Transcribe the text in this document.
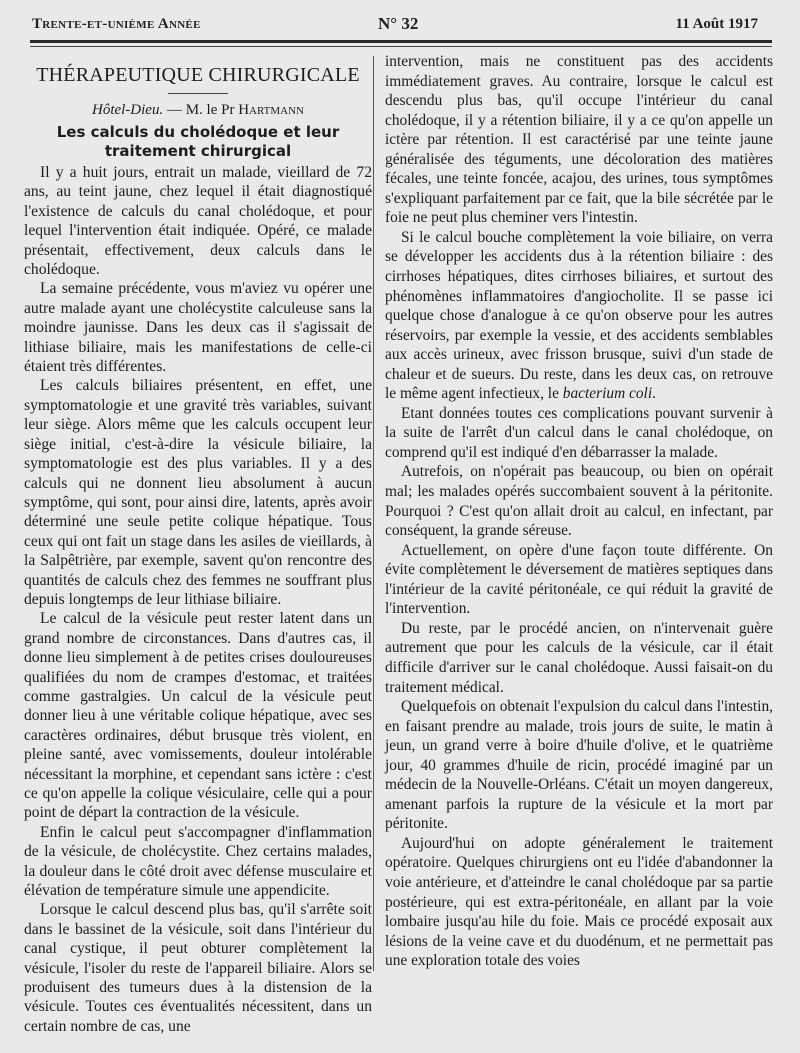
Trente-et-unième Année	N° 32	11 Août 1917
THÉRAPEUTIQUE CHIRURGICALE
Hôtel-Dieu. — M. le Pr Hartmann
Les calculs du cholédoque et leur traitement chirurgical

Il y a huit jours, entrait un malade, vieillard de 72 ans, au teint jaune, chez lequel il était diagnostiqué l'existence de calculs du canal cholédoque, et pour lequel l'intervention était indiquée. Opéré, ce malade présentait, effectivement, deux calculs dans le cholédoque.

La semaine précédente, vous m'aviez vu opérer une autre malade ayant une cholécystite calculeuse sans la moindre jaunisse. Dans les deux cas il s'agissait de lithiase biliaire, mais les manifestations de celle-ci étaient très différentes.

Les calculs biliaires présentent, en effet, une symptomatologie et une gravité très variables, suivant leur siège. Alors même que les calculs occupent leur siège initial, c'est-à-dire la vésicule biliaire, la symptomatologie est des plus variables. Il y a des calculs qui ne donnent lieu absolument à aucun symptôme, qui sont, pour ainsi dire, latents, après avoir déterminé une seule petite colique hépatique. Tous ceux qui ont fait un stage dans les asiles de vieillards, à la Salpêtrière, par exemple, savent qu'on rencontre des quantités de calculs chez des femmes ne souffrant plus depuis longtemps de leur lithiase biliaire.

Le calcul de la vésicule peut rester latent dans un grand nombre de circonstances. Dans d'autres cas, il donne lieu simplement à de petites crises douloureuses qualifiées du nom de crampes d'estomac, et traitées comme gastralgies. Un calcul de la vésicule peut donner lieu à une véritable colique hépatique, avec ses caractères ordinaires, début brusque très violent, en pleine santé, avec vomissements, douleur intolérable nécessitant la morphine, et cependant sans ictère : c'est ce qu'on appelle la colique vésiculaire, celle qui a pour point de départ la contraction de la vésicule.

Enfin le calcul peut s'accompagner d'inflammation de la vésicule, de cholécystite. Chez certains malades, la douleur dans le côté droit avec défense musculaire et élévation de température simule une appendicite.

Lorsque le calcul descend plus bas, qu'il s'arrête soit dans le bassinet de la vésicule, soit dans l'intérieur du canal cystique, il peut obturer complètement la vésicule, l'isoler du reste de l'appareil biliaire. Alors se produisent des tumeurs dues à la distension de la vésicule. Toutes ces éventualités nécessitent, dans un certain nombre de cas, une

intervention, mais ne constituent pas des accidents immédiatement graves. Au contraire, lorsque le calcul est descendu plus bas, qu'il occupe l'intérieur du canal cholédoque, il y a rétention biliaire, il y a ce qu'on appelle un ictère par rétention. Il est caractérisé par une teinte jaune généralisée des téguments, une décoloration des matières fécales, une teinte foncée, acajou, des urines, tous symptômes s'expliquant parfaitement par ce fait, que la bile sécrétée par le foie ne peut plus cheminer vers l'intestin.

Si le calcul bouche complètement la voie biliaire, on verra se développer les accidents dus à la rétention biliaire : des cirrhoses hépatiques, dites cirrhoses biliaires, et surtout des phénomènes inflammatoires d'angiocholite. Il se passe ici quelque chose d'analogue à ce qu'on observe pour les autres réservoirs, par exemple la vessie, et des accidents semblables aux accès urineux, avec frisson brusque, suivi d'un stade de chaleur et de sueurs. Du reste, dans les deux cas, on retrouve le même agent infectieux, le bacterium coli.

Etant données toutes ces complications pouvant survenir à la suite de l'arrêt d'un calcul dans le canal cholédoque, on comprend qu'il est indiqué d'en débarrasser la malade.

Autrefois, on n'opérait pas beaucoup, ou bien on opérait mal; les malades opérés succombaient souvent à la péritonite. Pourquoi ? C'est qu'on allait droit au calcul, en infectant, par conséquent, la grande séreuse.

Actuellement, on opère d'une façon toute différente. On évite complètement le déversement de matières septiques dans l'intérieur de la cavité péritonéale, ce qui réduit la gravité de l'intervention.

Du reste, par le procédé ancien, on n'intervenait guère autrement que pour les calculs de la vésicule, car il était difficile d'arriver sur le canal cholédoque. Aussi faisait-on du traitement médical.

Quelquefois on obtenait l'expulsion du calcul dans l'intestin, en faisant prendre au malade, trois jours de suite, le matin à jeun, un grand verre à boire d'huile d'olive, et le quatrième jour, 40 grammes d'huile de ricin, procédé imaginé par un médecin de la Nouvelle-Orléans. C'était un moyen dangereux, amenant parfois la rupture de la vésicule et la mort par péritonite.

Aujourd'hui on adopte généralement le traitement opératoire. Quelques chirurgiens ont eu l'idée d'abandonner la voie antérieure, et d'atteindre le canal cholédoque par sa partie postérieure, qui est extra-péritonéale, en allant par la voie lombaire jusqu'au hile du foie. Mais ce procédé exposait aux lésions de la veine cave et du duodénum, et ne permettait pas une exploration totale des voies
